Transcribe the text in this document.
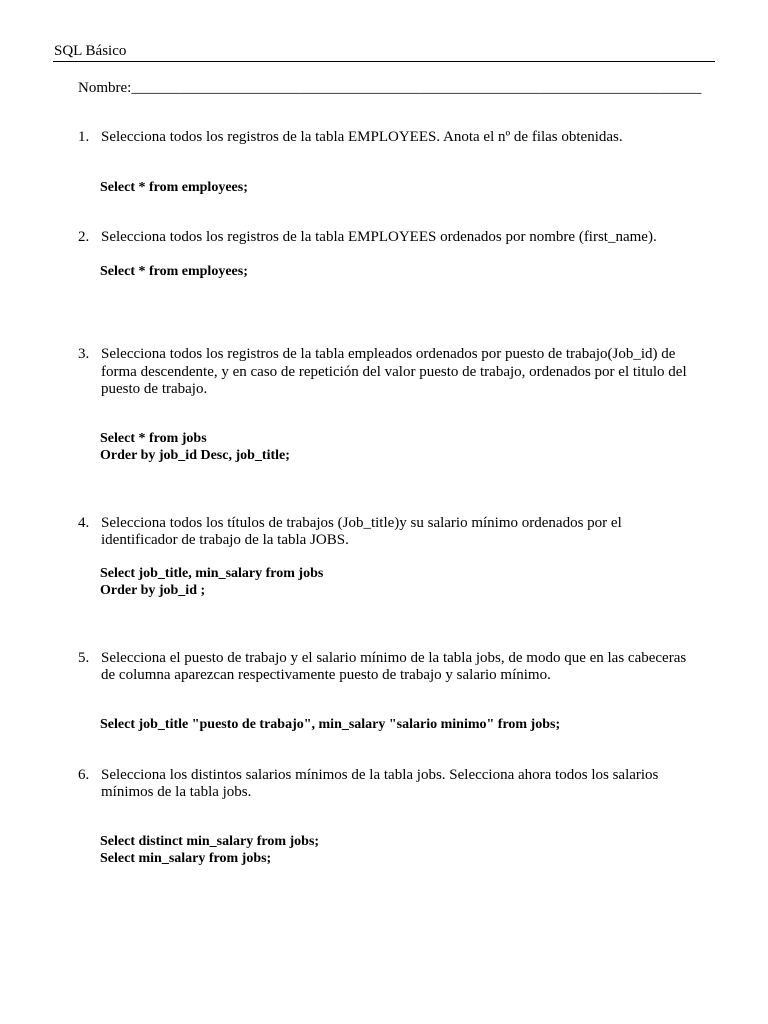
SQL Básico
Nombre:____________________________________________________________________________
1. Selecciona todos los registros de la tabla EMPLOYEES. Anota el nº de filas obtenidas.
Select * from employees;
2. Selecciona todos los registros de la tabla EMPLOYEES ordenados por nombre (first_name).
Select * from employees;
3. Selecciona todos los registros de la tabla empleados ordenados por puesto de trabajo(Job_id) de
forma descendente, y en caso de repetición del valor puesto de trabajo, ordenados por el titulo del
puesto de trabajo.
Select * from jobs
Order by job_id Desc, job_title;
4. Selecciona todos los títulos de trabajos (Job_title)y su salario mínimo ordenados por el
identificador de trabajo de la tabla JOBS.
Select job_title, min_salary from jobs
Order by job_id ;
5. Selecciona el puesto de trabajo y el salario mínimo de la tabla jobs, de modo que en las cabeceras
de columna aparezcan respectivamente puesto de trabajo y salario mínimo.
Select job_title "puesto de trabajo", min_salary "salario minimo" from jobs;
6. Selecciona los distintos salarios mínimos de la tabla jobs. Selecciona ahora todos los salarios
mínimos de la tabla jobs.
Select distinct min_salary from jobs;
Select min_salary from jobs;
